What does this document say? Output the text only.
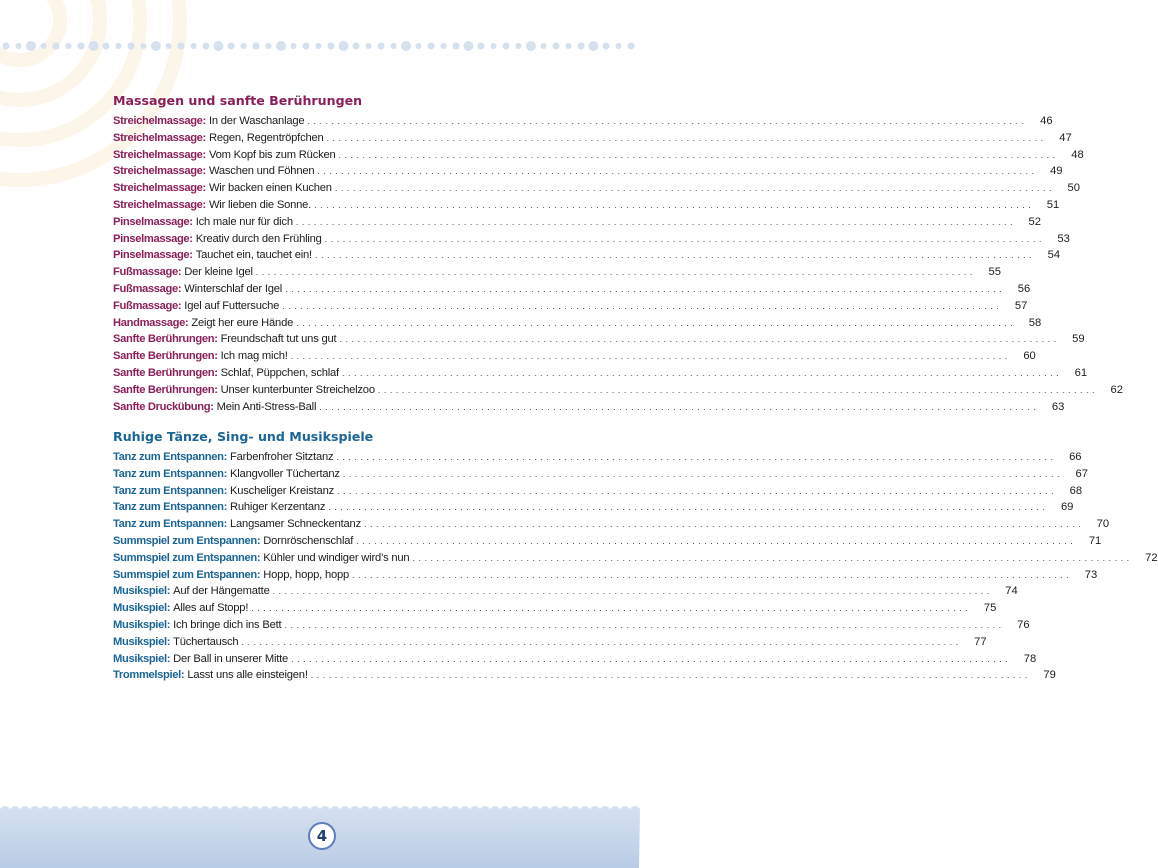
Massagen und sanfte Berührungen
Streichelmassage: In der Waschanlage . . . . . . . . . . . . . . . . . . . . . . . . . . . . . . . . . . . . . . . . . . . . . . . . . . . . . . . . . . . . . . . . . . . . . . . . . . . . . . . . . . . . . . . . . . . . . . . . . . . . . . . . . . . . . . . . . . . . . . . .	46
Streichelmassage: Regen, Regentröpfchen . . . . . . . . . . . . . . . . . . . . . . . . . . . . . . . . . . . . . . . . . . . . . . . . . . . . . . . . . . . . . . . . . . . . . . . . . . . . . . . . . . . . . . . . . . . . . . . . . . . . . . . . . . . . . . . . . . . . . . . .	47
Streichelmassage: Vom Kopf bis zum Rücken . . . . . . . . . . . . . . . . . . . . . . . . . . . . . . . . . . . . . . . . . . . . . . . . . . . . . . . . . . . . . . . . . . . . . . . . . . . . . . . . . . . . . . . . . . . . . . . . . . . . . . . . . . . . . . . . . . . . . . . .	48
Streichelmassage: Waschen und Föhnen . . . . . . . . . . . . . . . . . . . . . . . . . . . . . . . . . . . . . . . . . . . . . . . . . . . . . . . . . . . . . . . . . . . . . . . . . . . . . . . . . . . . . . . . . . . . . . . . . . . . . . . . . . . . . . . . . . . . . . . .	49
Streichelmassage: Wir backen einen Kuchen . . . . . . . . . . . . . . . . . . . . . . . . . . . . . . . . . . . . . . . . . . . . . . . . . . . . . . . . . . . . . . . . . . . . . . . . . . . . . . . . . . . . . . . . . . . . . . . . . . . . . . . . . . . . . . . . . . . . . . . .	50
Streichelmassage: Wir lieben die Sonne. . . . . . . . . . . . . . . . . . . . . . . . . . . . . . . . . . . . . . . . . . . . . . . . . . . . . . . . . . . . . . . . . . . . . . . . . . . . . . . . . . . . . . . . . . . . . . . . . . . . . . . . . . . . . . . . . . . . . . . . .	51
Pinselmassage: Ich male nur für dich . . . . . . . . . . . . . . . . . . . . . . . . . . . . . . . . . . . . . . . . . . . . . . . . . . . . . . . . . . . . . . . . . . . . . . . . . . . . . . . . . . . . . . . . . . . . . . . . . . . . . . . . . . . . . . . . . . . . . . . .	52
Pinselmassage: Kreativ durch den Frühling . . . . . . . . . . . . . . . . . . . . . . . . . . . . . . . . . . . . . . . . . . . . . . . . . . . . . . . . . . . . . . . . . . . . . . . . . . . . . . . . . . . . . . . . . . . . . . . . . . . . . . . . . . . . . . . . . . . . . . . .	53
Pinselmassage: Tauchet ein, tauchet ein! . . . . . . . . . . . . . . . . . . . . . . . . . . . . . . . . . . . . . . . . . . . . . . . . . . . . . . . . . . . . . . . . . . . . . . . . . . . . . . . . . . . . . . . . . . . . . . . . . . . . . . . . . . . . . . . . . . . . . . . .	54
Fußmassage: Der kleine Igel . . . . . . . . . . . . . . . . . . . . . . . . . . . . . . . . . . . . . . . . . . . . . . . . . . . . . . . . . . . . . . . . . . . . . . . . . . . . . . . . . . . . . . . . . . . . . . . . . . . . . . . . . . . . . . . . . . . . . . . .	55
Fußmassage: Winterschlaf der Igel . . . . . . . . . . . . . . . . . . . . . . . . . . . . . . . . . . . . . . . . . . . . . . . . . . . . . . . . . . . . . . . . . . . . . . . . . . . . . . . . . . . . . . . . . . . . . . . . . . . . . . . . . . . . . . . . . . . . . . . .	56
Fußmassage: Igel auf Futtersuche . . . . . . . . . . . . . . . . . . . . . . . . . . . . . . . . . . . . . . . . . . . . . . . . . . . . . . . . . . . . . . . . . . . . . . . . . . . . . . . . . . . . . . . . . . . . . . . . . . . . . . . . . . . . . . . . . . . . . . . .	57
Handmassage: Zeigt her eure Hände . . . . . . . . . . . . . . . . . . . . . . . . . . . . . . . . . . . . . . . . . . . . . . . . . . . . . . . . . . . . . . . . . . . . . . . . . . . . . . . . . . . . . . . . . . . . . . . . . . . . . . . . . . . . . . . . . . . . . . . .	58
Sanfte Berührungen: Freundschaft tut uns gut . . . . . . . . . . . . . . . . . . . . . . . . . . . . . . . . . . . . . . . . . . . . . . . . . . . . . . . . . . . . . . . . . . . . . . . . . . . . . . . . . . . . . . . . . . . . . . . . . . . . . . . . . . . . . . . . . . . . . . . .	59
Sanfte Berührungen: Ich mag mich! . . . . . . . . . . . . . . . . . . . . . . . . . . . . . . . . . . . . . . . . . . . . . . . . . . . . . . . . . . . . . . . . . . . . . . . . . . . . . . . . . . . . . . . . . . . . . . . . . . . . . . . . . . . . . . . . . . . . . . . .	60
Sanfte Berührungen: Schlaf, Püppchen, schlaf . . . . . . . . . . . . . . . . . . . . . . . . . . . . . . . . . . . . . . . . . . . . . . . . . . . . . . . . . . . . . . . . . . . . . . . . . . . . . . . . . . . . . . . . . . . . . . . . . . . . . . . . . . . . . . . . . . . . . . . .	61
Sanfte Berührungen: Unser kunterbunter Streichelzoo . . . . . . . . . . . . . . . . . . . . . . . . . . . . . . . . . . . . . . . . . . . . . . . . . . . . . . . . . . . . . . . . . . . . . . . . . . . . . . . . . . . . . . . . . . . . . . . . . . . . . . . . . . . . . . . . . . . . . . . .	62
Sanfte Druckübung: Mein Anti-Stress-Ball . . . . . . . . . . . . . . . . . . . . . . . . . . . . . . . . . . . . . . . . . . . . . . . . . . . . . . . . . . . . . . . . . . . . . . . . . . . . . . . . . . . . . . . . . . . . . . . . . . . . . . . . . . . . . . . . . . . . . . . .	63
Ruhige Tänze, Sing- und Musikspiele
Tanz zum Entspannen: Farbenfroher Sitztanz . . . . . . . . . . . . . . . . . . . . . . . . . . . . . . . . . . . . . . . . . . . . . . . . . . . . . . . . . . . . . . . . . . . . . . . . . . . . . . . . . . . . . . . . . . . . . . . . . . . . . . . . . . . . . . . . . . . . . . . .	66
Tanz zum Entspannen: Klangvoller Tüchertanz . . . . . . . . . . . . . . . . . . . . . . . . . . . . . . . . . . . . . . . . . . . . . . . . . . . . . . . . . . . . . . . . . . . . . . . . . . . . . . . . . . . . . . . . . . . . . . . . . . . . . . . . . . . . . . . . . . . . . . . .	67
Tanz zum Entspannen: Kuscheliger Kreistanz . . . . . . . . . . . . . . . . . . . . . . . . . . . . . . . . . . . . . . . . . . . . . . . . . . . . . . . . . . . . . . . . . . . . . . . . . . . . . . . . . . . . . . . . . . . . . . . . . . . . . . . . . . . . . . . . . . . . . . . .	68
Tanz zum Entspannen: Ruhiger Kerzentanz . . . . . . . . . . . . . . . . . . . . . . . . . . . . . . . . . . . . . . . . . . . . . . . . . . . . . . . . . . . . . . . . . . . . . . . . . . . . . . . . . . . . . . . . . . . . . . . . . . . . . . . . . . . . . . . . . . . . . . . .	69
Tanz zum Entspannen: Langsamer Schneckentanz . . . . . . . . . . . . . . . . . . . . . . . . . . . . . . . . . . . . . . . . . . . . . . . . . . . . . . . . . . . . . . . . . . . . . . . . . . . . . . . . . . . . . . . . . . . . . . . . . . . . . . . . . . . . . . . . . . . . . . . .	70
Summspiel zum Entspannen: Dornröschenschlaf . . . . . . . . . . . . . . . . . . . . . . . . . . . . . . . . . . . . . . . . . . . . . . . . . . . . . . . . . . . . . . . . . . . . . . . . . . . . . . . . . . . . . . . . . . . . . . . . . . . . . . . . . . . . . . . . . . . . . . . .	71
Summspiel zum Entspannen: Kühler und windiger wird’s nun . . . . . . . . . . . . . . . . . . . . . . . . . . . . . . . . . . . . . . . . . . . . . . . . . . . . . . . . . . . . . . . . . . . . . . . . . . . . . . . . . . . . . . . . . . . . . . . . . . . . . . . . . . . . . . . . . . . . . . . .	72
Summspiel zum Entspannen: Hopp, hopp, hopp . . . . . . . . . . . . . . . . . . . . . . . . . . . . . . . . . . . . . . . . . . . . . . . . . . . . . . . . . . . . . . . . . . . . . . . . . . . . . . . . . . . . . . . . . . . . . . . . . . . . . . . . . . . . . . . . . . . . . . . .	73
Musikspiel: Auf der Hängematte . . . . . . . . . . . . . . . . . . . . . . . . . . . . . . . . . . . . . . . . . . . . . . . . . . . . . . . . . . . . . . . . . . . . . . . . . . . . . . . . . . . . . . . . . . . . . . . . . . . . . . . . . . . . . . . . . . . . . . . .	74
Musikspiel: Alles auf Stopp! . . . . . . . . . . . . . . . . . . . . . . . . . . . . . . . . . . . . . . . . . . . . . . . . . . . . . . . . . . . . . . . . . . . . . . . . . . . . . . . . . . . . . . . . . . . . . . . . . . . . . . . . . . . . . . . . . . . . . . . .	75
Musikspiel: Ich bringe dich ins Bett . . . . . . . . . . . . . . . . . . . . . . . . . . . . . . . . . . . . . . . . . . . . . . . . . . . . . . . . . . . . . . . . . . . . . . . . . . . . . . . . . . . . . . . . . . . . . . . . . . . . . . . . . . . . . . . . . . . . . . . .	76
Musikspiel: Tüchertausch . . . . . . . . . . . . . . . . . . . . . . . . . . . . . . . . . . . . . . . . . . . . . . . . . . . . . . . . . . . . . . . . . . . . . . . . . . . . . . . . . . . . . . . . . . . . . . . . . . . . . . . . . . . . . . . . . . . . . . . .	77
Musikspiel: Der Ball in unserer Mitte . . . . . . . . . . . . . . . . . . . . . . . . . . . . . . . . . . . . . . . . . . . . . . . . . . . . . . . . . . . . . . . . . . . . . . . . . . . . . . . . . . . . . . . . . . . . . . . . . . . . . . . . . . . . . . . . . . . . . . . .	78
Trommelspiel: Lasst uns alle einsteigen! . . . . . . . . . . . . . . . . . . . . . . . . . . . . . . . . . . . . . . . . . . . . . . . . . . . . . . . . . . . . . . . . . . . . . . . . . . . . . . . . . . . . . . . . . . . . . . . . . . . . . . . . . . . . . . . . . . . . . . . .	79
4
